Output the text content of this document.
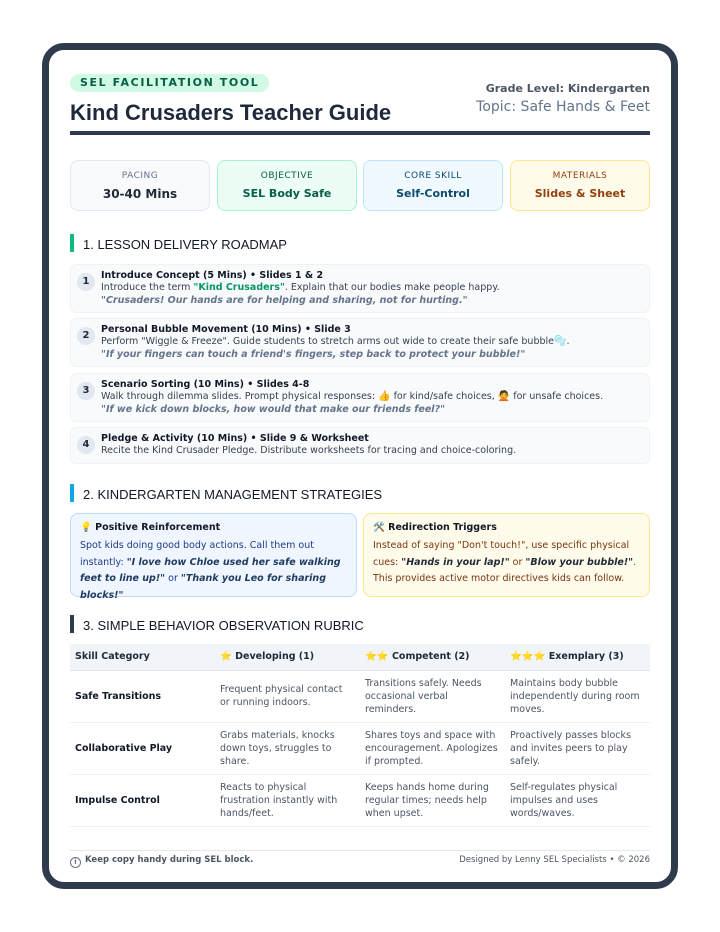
SEL FACILITATION TOOL
Kind Crusaders Teacher Guide
Grade Level: Kindergarten
Topic: Safe Hands & Feet
PACING
30-40 Mins
OBJECTIVE
SEL Body Safe
CORE SKILL
Self-Control
MATERIALS
Slides & Sheet
1. LESSON DELIVERY ROADMAP
1
Introduce Concept (5 Mins) • Slides 1 & 2
Introduce the term "Kind Crusaders". Explain that our bodies make people happy.
"Crusaders! Our hands are for helping and sharing, not for hurting."
2
Personal Bubble Movement (10 Mins) • Slide 3
Perform "Wiggle & Freeze". Guide students to stretch arms out wide to create their safe bubble🫧.
"If your fingers can touch a friend's fingers, step back to protect your bubble!"
3
Scenario Sorting (10 Mins) • Slides 4-8
Walk through dilemma slides. Prompt physical responses: 👍 for kind/safe choices, 🙅 for unsafe choices.
"If we kick down blocks, how would that make our friends feel?"
4
Pledge & Activity (10 Mins) • Slide 9 & Worksheet
Recite the Kind Crusader Pledge. Distribute worksheets for tracing and choice-coloring.
2. KINDERGARTEN MANAGEMENT STRATEGIES
💡 Positive Reinforcement
Spot kids doing good body actions. Call them out instantly: "I love how Chloe used her safe walking feet to line up!" or "Thank you Leo for sharing blocks!"
🛠️ Redirection Triggers
Instead of saying "Don't touch!", use specific physical cues: "Hands in your lap!" or "Blow your bubble!". This provides active motor directives kids can follow.
3. SIMPLE BEHAVIOR OBSERVATION RUBRIC
Skill Category	⭐ Developing (1)	⭐⭐ Competent (2)	⭐⭐⭐ Exemplary (3)
Safe Transitions	Frequent physical contact or running indoors.	Transitions safely. Needs occasional verbal reminders.	Maintains body bubble independently during room moves.
Collaborative Play	Grabs materials, knocks down toys, struggles to share.	Shares toys and space with encouragement. Apologizes if prompted.	Proactively passes blocks and invites peers to play safely.
Impulse Control	Reacts to physical frustration instantly with hands/feet.	Keeps hands home during regular times; needs help when upset.	Self-regulates physical impulses and uses words/waves.
i Keep copy handy during SEL block.	Designed by Lenny SEL Specialists • © 2026
